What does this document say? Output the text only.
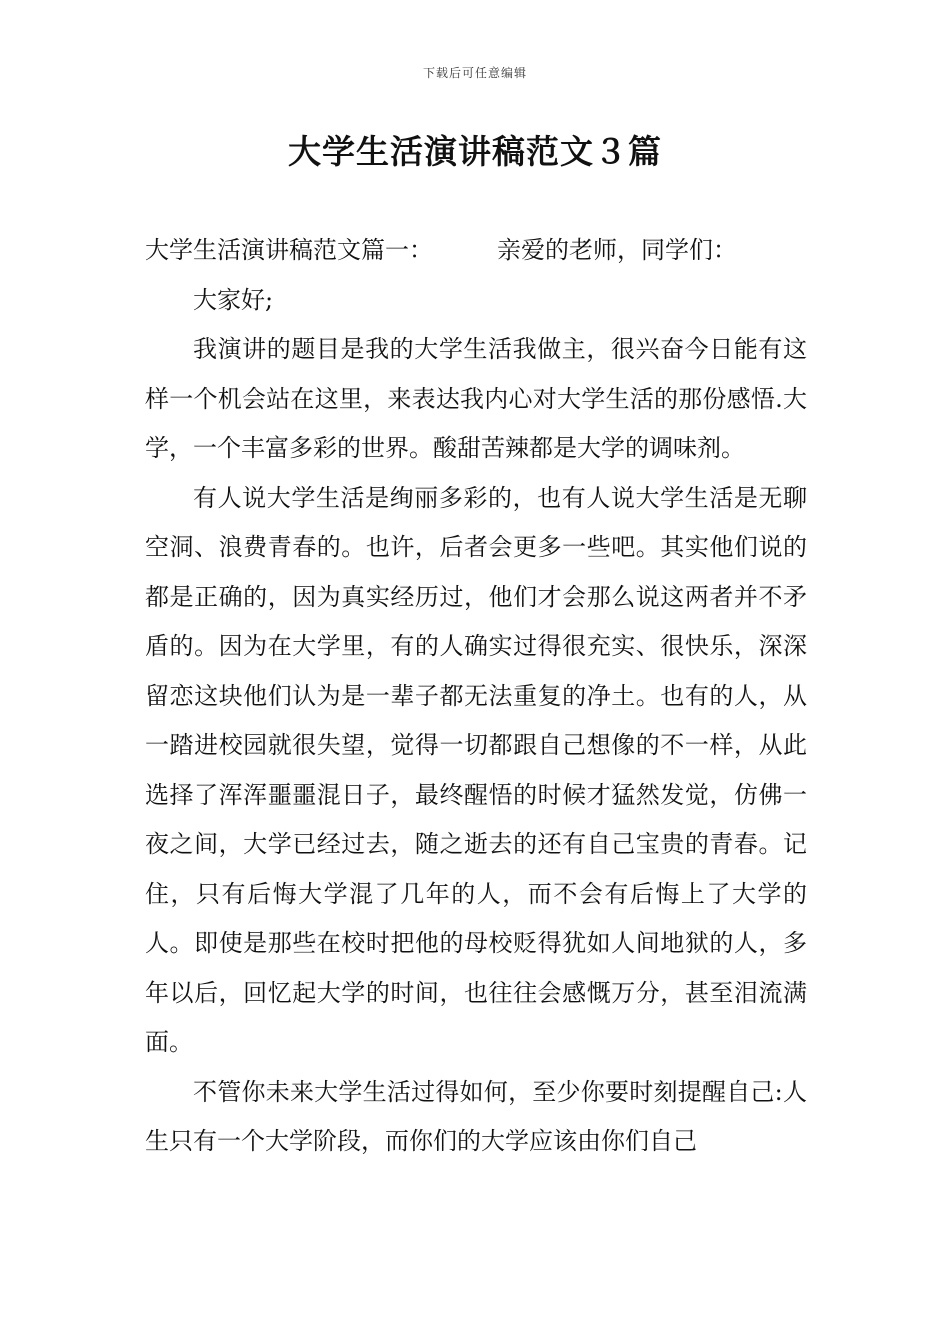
下载后可任意编辑
大学生活演讲稿范文３篇

大学生活演讲稿范文篇一：	亲爱的老师，同学们：

大家好;

我演讲的题目是我的大学生活我做主，很兴奋今日能有这样一个机会站在这里，来表达我内心对大学生活的那份感悟.大学，一个丰富多彩的世界。酸甜苦辣都是大学的调味剂。

有人说大学生活是绚丽多彩的，也有人说大学生活是无聊空洞、浪费青春的。也许，后者会更多一些吧。其实他们说的都是正确的，因为真实经历过，他们才会那么说这两者并不矛盾的。因为在大学里，有的人确实过得很充实、很快乐，深深留恋这块他们认为是一辈子都无法重复的净土。也有的人，从一踏进校园就很失望，觉得一切都跟自己想像的不一样，从此选择了浑浑噩噩混日子，最终醒悟的时候才猛然发觉，仿佛一夜之间，大学已经过去，随之逝去的还有自己宝贵的青春。记住，只有后悔大学混了几年的人，而不会有后悔上了大学的人。即使是那些在校时把他的母校贬得犹如人间地狱的人，多年以后，回忆起大学的时间，也往往会感慨万分，甚至泪流满面。

不管你未来大学生活过得如何，至少你要时刻提醒自己:人生只有一个大学阶段，而你们的大学应该由你们自己
